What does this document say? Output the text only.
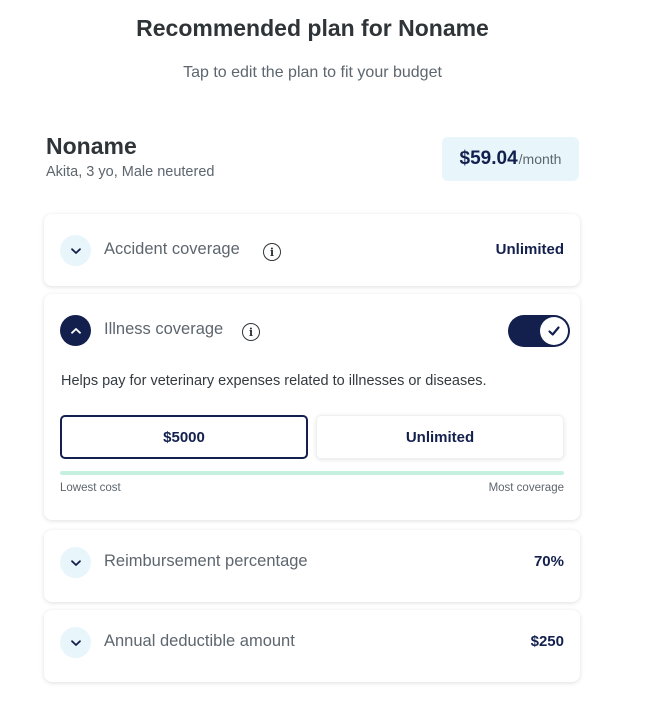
Recommended plan for Noname
Tap to edit the plan to fit your budget
Noname
Akita, 3 yo, Male neutered
$59.04 /month
Accident coverage	i	Unlimited
Illness coverage	i
Helps pay for veterinary expenses related to illnesses or diseases.
$5000	Unlimited
Lowest cost	Most coverage
Reimbursement percentage	70%
Annual deductible amount	$250
